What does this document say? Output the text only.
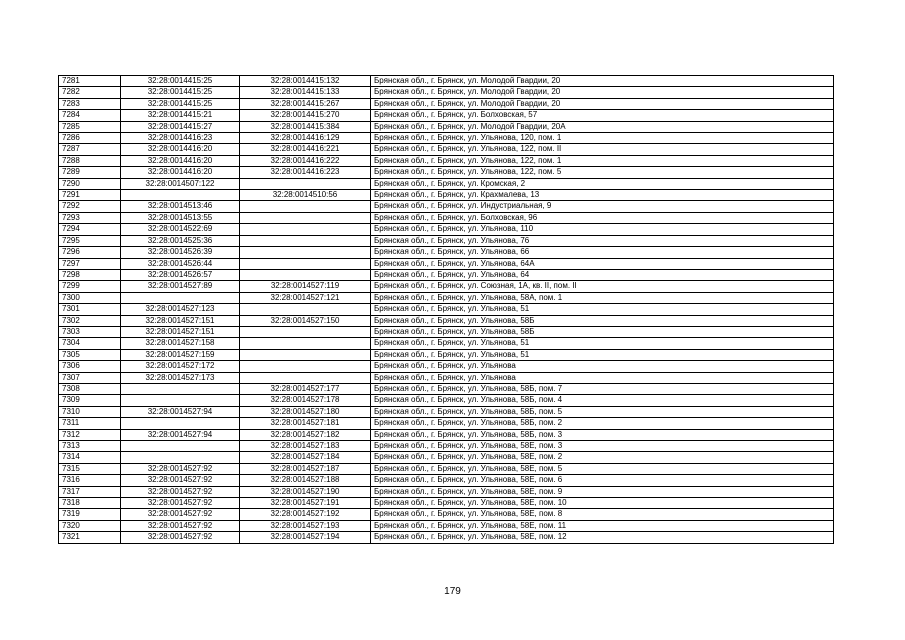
7281	32:28:0014415:25	32:28:0014415:132	Брянская обл., г. Брянск, ул. Молодой Гвардии, 20
7282	32:28:0014415:25	32:28:0014415:133	Брянская обл., г. Брянск, ул. Молодой Гвардии, 20
7283	32:28:0014415:25	32:28:0014415:267	Брянская обл., г. Брянск, ул. Молодой Гвардии, 20
7284	32:28:0014415:21	32:28:0014415:270	Брянская обл., г. Брянск, ул. Болховская, 57
7285	32:28:0014415:27	32:28:0014415:384	Брянская обл., г. Брянск, ул. Молодой Гвардии, 20А
7286	32:28:0014416:23	32:28:0014416:129	Брянская обл., г. Брянск, ул. Ульянова, 120, пом. 1
7287	32:28:0014416:20	32:28:0014416:221	Брянская обл., г. Брянск, ул. Ульянова, 122, пом. II
7288	32:28:0014416:20	32:28:0014416:222	Брянская обл., г. Брянск, ул. Ульянова, 122, пом. 1
7289	32:28:0014416:20	32:28:0014416:223	Брянская обл., г. Брянск, ул. Ульянова, 122, пом. 5
7290	32:28:0014507:122		Брянская обл., г. Брянск, ул. Кромская, 2
7291		32:28:0014510:56	Брянская обл., г. Брянск, ул. Крахмалева, 13
7292	32:28:0014513:46		Брянская обл., г. Брянск, ул. Индустриальная, 9
7293	32:28:0014513:55		Брянская обл., г. Брянск, ул. Болховская, 96
7294	32:28:0014522:69		Брянская обл., г. Брянск, ул. Ульянова, 110
7295	32:28:0014525:36		Брянская обл., г. Брянск, ул. Ульянова, 76
7296	32:28:0014526:39		Брянская обл., г. Брянск, ул. Ульянова, 66
7297	32:28:0014526:44		Брянская обл., г. Брянск, ул. Ульянова, 64А
7298	32:28:0014526:57		Брянская обл., г. Брянск, ул. Ульянова, 64
7299	32:28:0014527:89	32:28:0014527:119	Брянская обл., г. Брянск, ул. Союзная, 1А, кв. II, пом. II
7300		32:28:0014527:121	Брянская обл., г. Брянск, ул. Ульянова, 58А, пом. 1
7301	32:28:0014527:123		Брянская обл., г. Брянск, ул. Ульянова, 51
7302	32:28:0014527:151	32:28:0014527:150	Брянская обл., г. Брянск, ул. Ульянова, 58Б
7303	32:28:0014527:151		Брянская обл., г. Брянск, ул. Ульянова, 58Б
7304	32:28:0014527:158		Брянская обл., г. Брянск, ул. Ульянова, 51
7305	32:28:0014527:159		Брянская обл., г. Брянск, ул. Ульянова, 51
7306	32:28:0014527:172		Брянская обл., г. Брянск, ул. Ульянова
7307	32:28:0014527:173		Брянская обл., г. Брянск, ул. Ульянова
7308		32:28:0014527:177	Брянская обл., г. Брянск, ул. Ульянова, 58Б, пом. 7
7309		32:28:0014527:178	Брянская обл., г. Брянск, ул. Ульянова, 58Б, пом. 4
7310	32:28:0014527:94	32:28:0014527:180	Брянская обл., г. Брянск, ул. Ульянова, 58Б, пом. 5
7311		32:28:0014527:181	Брянская обл., г. Брянск, ул. Ульянова, 58Б, пом. 2
7312	32:28:0014527:94	32:28:0014527:182	Брянская обл., г. Брянск, ул. Ульянова, 58Б, пом. 3
7313		32:28:0014527:183	Брянская обл., г. Брянск, ул. Ульянова, 58Е, пом. 3
7314		32:28:0014527:184	Брянская обл., г. Брянск, ул. Ульянова, 58Е, пом. 2
7315	32:28:0014527:92	32:28:0014527:187	Брянская обл., г. Брянск, ул. Ульянова, 58Е, пом. 5
7316	32:28:0014527:92	32:28:0014527:188	Брянская обл., г. Брянск, ул. Ульянова, 58Е, пом. 6
7317	32:28:0014527:92	32:28:0014527:190	Брянская обл., г. Брянск, ул. Ульянова, 58Е, пом. 9
7318	32:28:0014527:92	32:28:0014527:191	Брянская обл., г. Брянск, ул. Ульянова, 58Е, пом. 10
7319	32:28:0014527:92	32:28:0014527:192	Брянская обл., г. Брянск, ул. Ульянова, 58Е, пом. 8
7320	32:28:0014527:92	32:28:0014527:193	Брянская обл., г. Брянск, ул. Ульянова, 58Е, пом. 11
7321	32:28:0014527:92	32:28:0014527:194	Брянская обл., г. Брянск, ул. Ульянова, 58Е, пом. 12
179
